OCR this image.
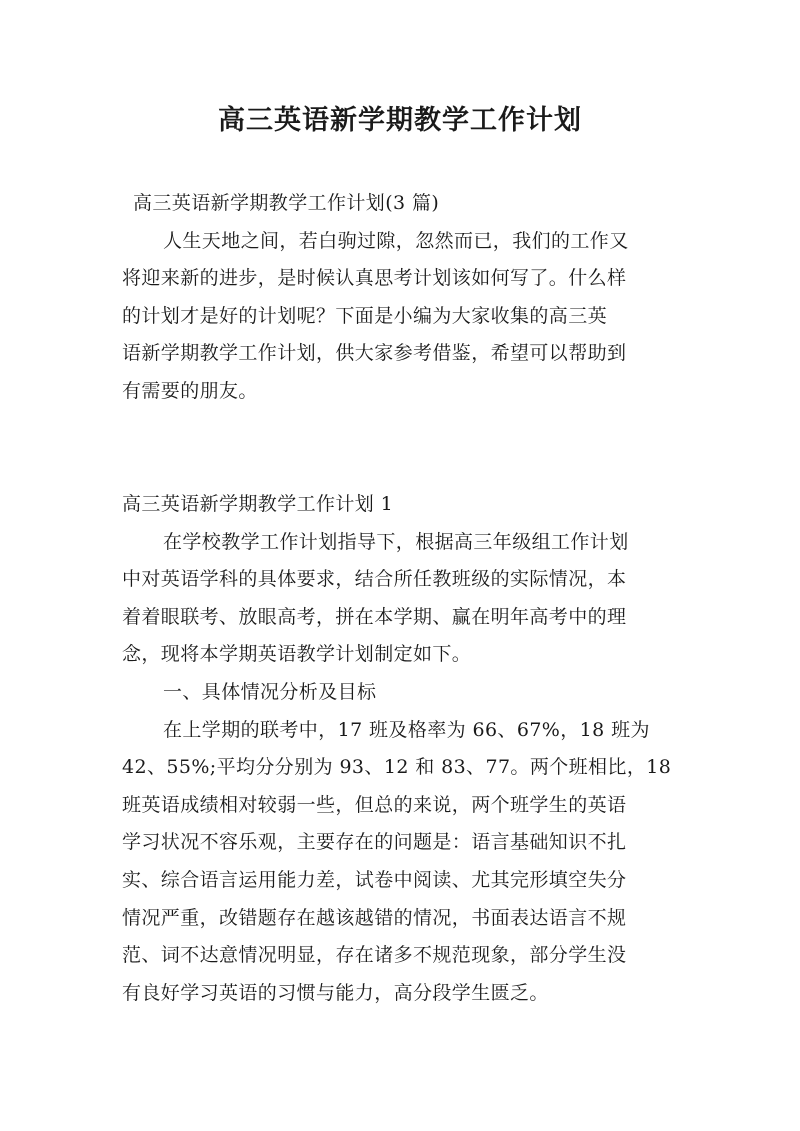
高三英语新学期教学工作计划
高三英语新学期教学工作计划(3 篇)
人生天地之间，若白驹过隙，忽然而已，我们的工作又
将迎来新的进步，是时候认真思考计划该如何写了。什么样
的计划才是好的计划呢？下面是小编为大家收集的高三英
语新学期教学工作计划，供大家参考借鉴，希望可以帮助到
有需要的朋友。
高三英语新学期教学工作计划 1
在学校教学工作计划指导下，根据高三年级组工作计划
中对英语学科的具体要求，结合所任教班级的实际情况，本
着着眼联考、放眼高考，拼在本学期、赢在明年高考中的理
念，现将本学期英语教学计划制定如下。
一、具体情况分析及目标
在上学期的联考中，17 班及格率为 66、67%，18 班为
42、55%;平均分分别为 93、12 和 83、77。两个班相比，18
班英语成绩相对较弱一些，但总的来说，两个班学生的英语
学习状况不容乐观，主要存在的问题是：语言基础知识不扎
实、综合语言运用能力差，试卷中阅读、尤其完形填空失分
情况严重，改错题存在越该越错的情况，书面表达语言不规
范、词不达意情况明显，存在诸多不规范现象，部分学生没
有良好学习英语的习惯与能力，高分段学生匮乏。
